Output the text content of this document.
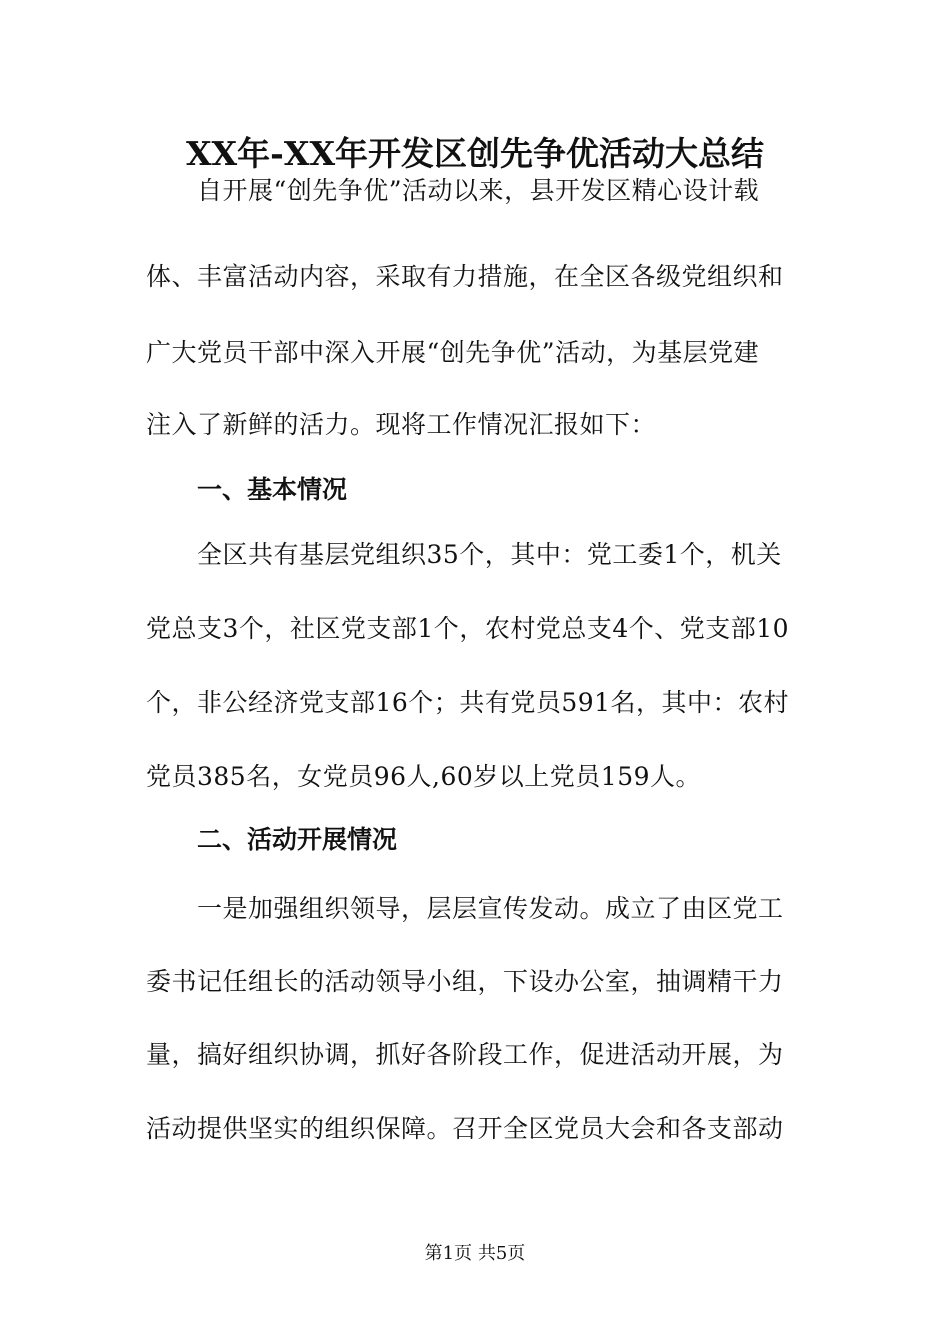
XX年-XX年开发区创先争优活动大总结
自开展“创先争优”活动以来，县开发区精心设计载
体、丰富活动内容，采取有力措施，在全区各级党组织和
广大党员干部中深入开展“创先争优”活动，为基层党建
注入了新鲜的活力。现将工作情况汇报如下：
一、基本情况
全区共有基层党组织35个，其中：党工委1个，机关
党总支3个，社区党支部1个，农村党总支4个、党支部10
个，非公经济党支部16个；共有党员591名，其中：农村
党员385名，女党员96人,60岁以上党员159人。
二、活动开展情况
一是加强组织领导，层层宣传发动。成立了由区党工
委书记任组长的活动领导小组，下设办公室，抽调精干力
量，搞好组织协调，抓好各阶段工作，促进活动开展，为
活动提供坚实的组织保障。召开全区党员大会和各支部动
第1页 共5页
